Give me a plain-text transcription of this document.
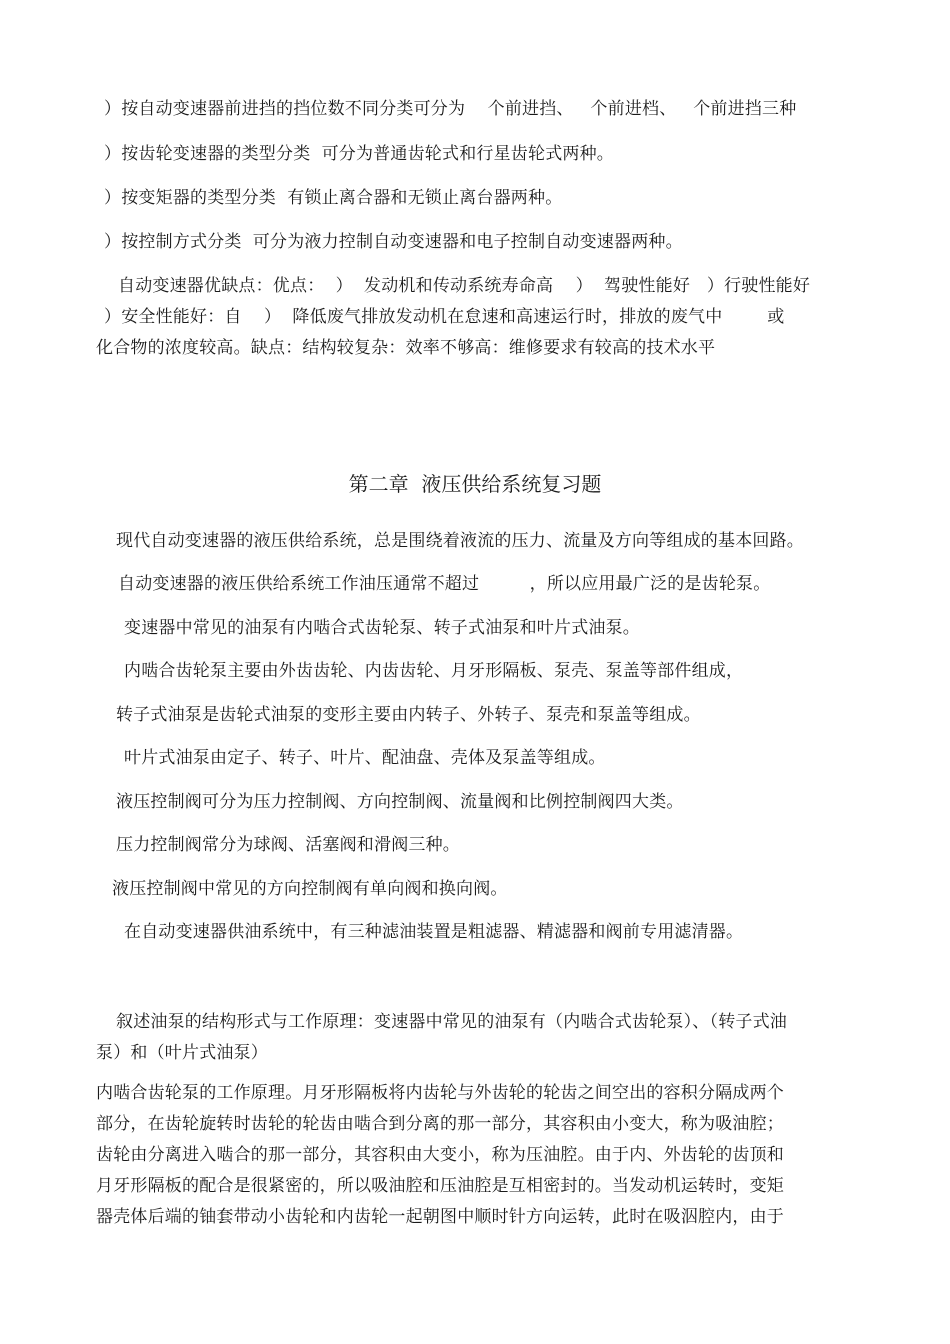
）按自动变速器前进挡的挡位数不同分类可分为    个前进挡、   个前进档、   个前进挡三种
）按齿轮变速器的类型分类  可分为普通齿轮式和行星齿轮式两种。
）按变矩器的类型分类  有锁止离合器和无锁止离台器两种。
）按控制方式分类  可分为液力控制自动变速器和电子控制自动变速器两种。
自动变速器优缺点：优点：  ）  发动机和传动系统寿命高    ）  驾驶性能好   ）行驶性能好
）安全性能好：自    ）  降低废气排放发动机在怠速和高速运行时，排放的废气中        或
化合物的浓度较高。缺点：结构较复杂：效率不够高：维修要求有较高的技术水平
第二章  液压供给系统复习题
现代自动变速器的液压供给系统，总是围绕着液流的压力、流量及方向等组成的基本回路。
自动变速器的液压供给系统工作油压通常不超过         ，所以应用最广泛的是齿轮泵。
变速器中常见的油泵有内啮合式齿轮泵、转子式油泵和叶片式油泵。
内啮合齿轮泵主要由外齿齿轮、内齿齿轮、月牙形隔板、泵壳、泵盖等部件组成，
转子式油泵是齿轮式油泵的变形主要由内转子、外转子、泵壳和泵盖等组成。
叶片式油泵由定子、转子、叶片、配油盘、壳体及泵盖等组成。
液压控制阀可分为压力控制阀、方向控制阀、流量阀和比例控制阀四大类。
压力控制阀常分为球阀、活塞阀和滑阀三种。
液压控制阀中常见的方向控制阀有单向阀和换向阀。
在自动变速器供油系统中，有三种滤油装置是粗滤器、精滤器和阀前专用滤清器。
叙述油泵的结构形式与工作原理：变速器中常见的油泵有（内啮合式齿轮泵）、（转子式油
泵）和（叶片式油泵）
内啮合齿轮泵的工作原理。月牙形隔板将内齿轮与外齿轮的轮齿之间空出的容积分隔成两个
部分，在齿轮旋转时齿轮的轮齿由啮合到分离的那一部分，其容积由小变大，称为吸油腔；
齿轮由分离进入啮合的那一部分，其容积由大变小，称为压油腔。由于内、外齿轮的齿顶和
月牙形隔板的配合是很紧密的，所以吸油腔和压油腔是互相密封的。当发动机运转时，变矩
器壳体后端的铀套带动小齿轮和内齿轮一起朝图中顺时针方向运转，此时在吸泅腔内，由于
